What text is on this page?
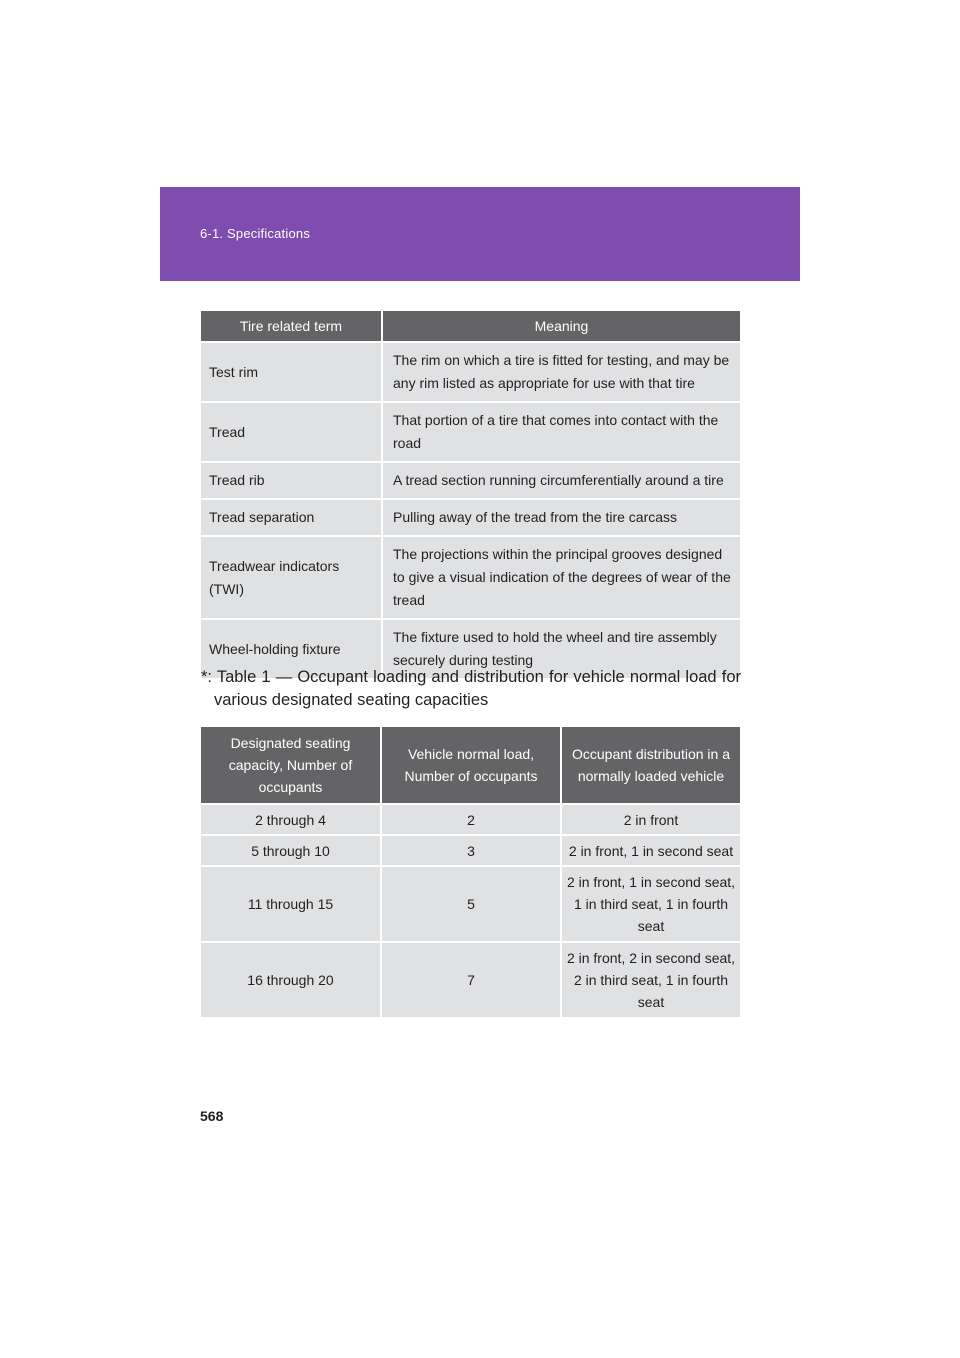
6-1. Specifications
Tire related term	Meaning
Test rim	The rim on which a tire is fitted for testing, and may be any rim listed as appropriate for use with that tire
Tread	That portion of a tire that comes into contact with the road
Tread rib	A tread section running circumferentially around a tire
Tread separation	Pulling away of the tread from the tire carcass
Treadwear indicators (TWI)	The projections within the principal grooves designed to give a visual indication of the degrees of wear of the tread
Wheel-holding fixture	The fixture used to hold the wheel and tire assembly securely during testing
*: Table 1 — Occupant loading and distribution for vehicle normal load for
various designated seating capacities
Designated seating capacity, Number of occupants	Vehicle normal load, Number of occupants	Occupant distribution in a normally loaded vehicle
2 through 4	2	2 in front
5 through 10	3	2 in front, 1 in second seat
11 through 15	5	2 in front, 1 in second seat, 1 in third seat, 1 in fourth seat
16 through 20	7	2 in front, 2 in second seat, 2 in third seat, 1 in fourth seat
568
